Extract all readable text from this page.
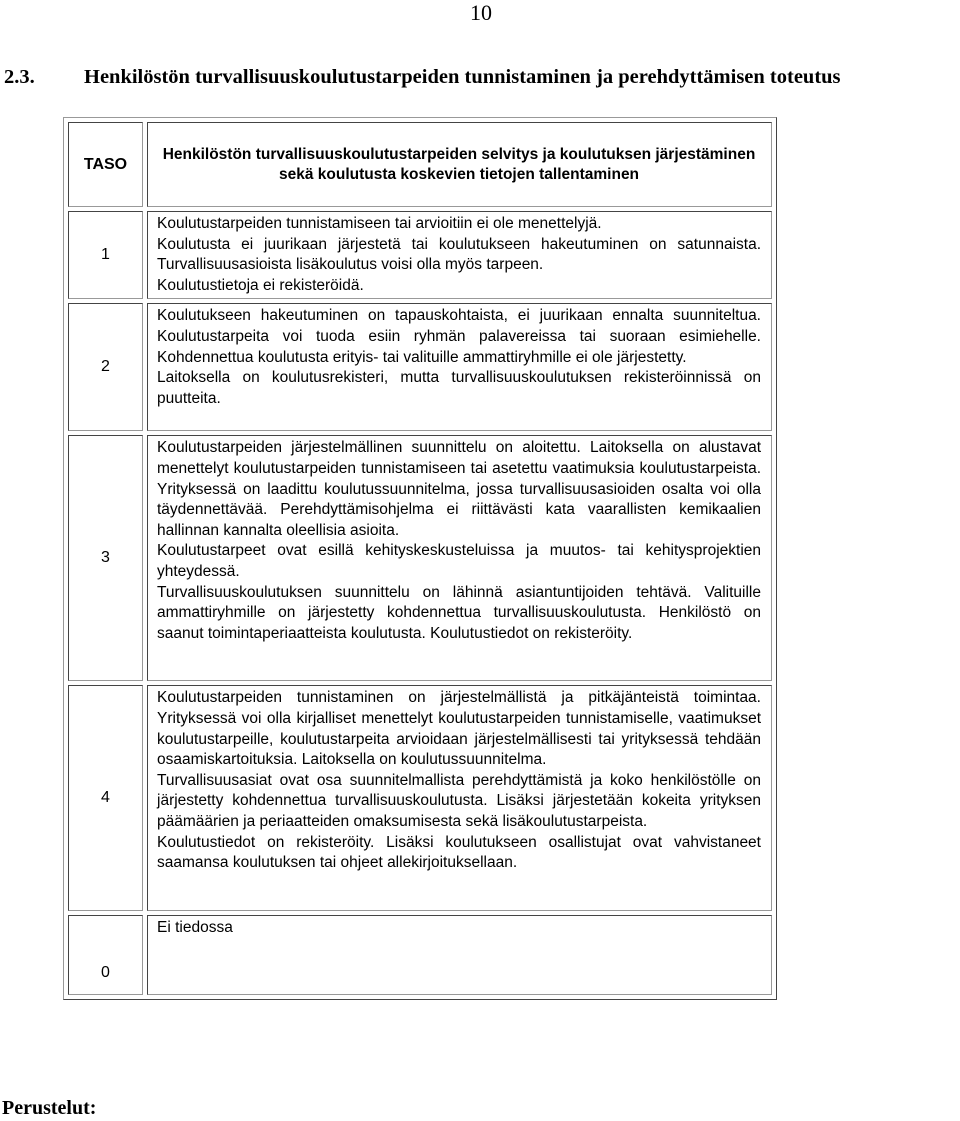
10
2.3. Henkilöstön turvallisuuskoulutustarpeiden tunnistaminen ja perehdyttämisen toteutus
TASO	Henkilöstön turvallisuuskoulutustarpeiden selvitys ja koulutuksen järjestäminen sekä koulutusta koskevien tietojen tallentaminen
1	Koulutustarpeiden tunnistamiseen tai arvioitiin ei ole menettelyjä.

Koulutusta ei juurikaan järjestetä tai koulutukseen hakeutuminen on satunnaista. Turvallisuusasioista lisäkoulutus voisi olla myös tarpeen.

Koulutustietoja ei rekisteröidä.

2	Koulutukseen hakeutuminen on tapauskohtaista, ei juurikaan ennalta suunniteltua. Koulutustarpeita voi tuoda esiin ryhmän palavereissa tai suoraan esimiehelle. Kohdennettua koulutusta erityis- tai valituille ammattiryhmille ei ole järjestetty.

Laitoksella on koulutusrekisteri, mutta turvallisuuskoulutuksen rekisteröinnissä on puutteita.

3	Koulutustarpeiden järjestelmällinen suunnittelu on aloitettu. Laitoksella on alustavat menettelyt koulutustarpeiden tunnistamiseen tai asetettu vaatimuksia koulutustarpeista. Yrityksessä on laadittu koulutussuunnitelma, jossa turvallisuusasioiden osalta voi olla täydennettävää. Perehdyttämisohjelma ei riittävästi kata vaarallisten kemikaalien hallinnan kannalta oleellisia asioita.

Koulutustarpeet ovat esillä kehityskeskusteluissa ja muutos- tai kehitysprojektien yhteydessä.

Turvallisuuskoulutuksen suunnittelu on lähinnä asiantuntijoiden tehtävä. Valituille ammattiryhmille on järjestetty kohdennettua turvallisuuskoulutusta. Henkilöstö on saanut toimintaperiaatteista koulutusta. Koulutustiedot on rekisteröity.

4	Koulutustarpeiden tunnistaminen on järjestelmällistä ja pitkäjänteistä toimintaa. Yrityksessä voi olla kirjalliset menettelyt koulutustarpeiden tunnistamiselle, vaatimukset koulutustarpeille, koulutustarpeita arvioidaan järjestelmällisesti tai yrityksessä tehdään osaamiskartoituksia. Laitoksella on koulutussuunnitelma.

Turvallisuusasiat ovat osa suunnitelmallista perehdyttämistä ja koko henkilöstölle on järjestetty kohdennettua turvallisuuskoulutusta. Lisäksi järjestetään kokeita yrityksen päämäärien ja periaatteiden omaksumisesta sekä lisäkoulutustarpeista.

Koulutustiedot on rekisteröity. Lisäksi koulutukseen osallistujat ovat vahvistaneet saamansa koulutuksen tai ohjeet allekirjoituksellaan.

0	Ei tiedossa

Perustelut:
